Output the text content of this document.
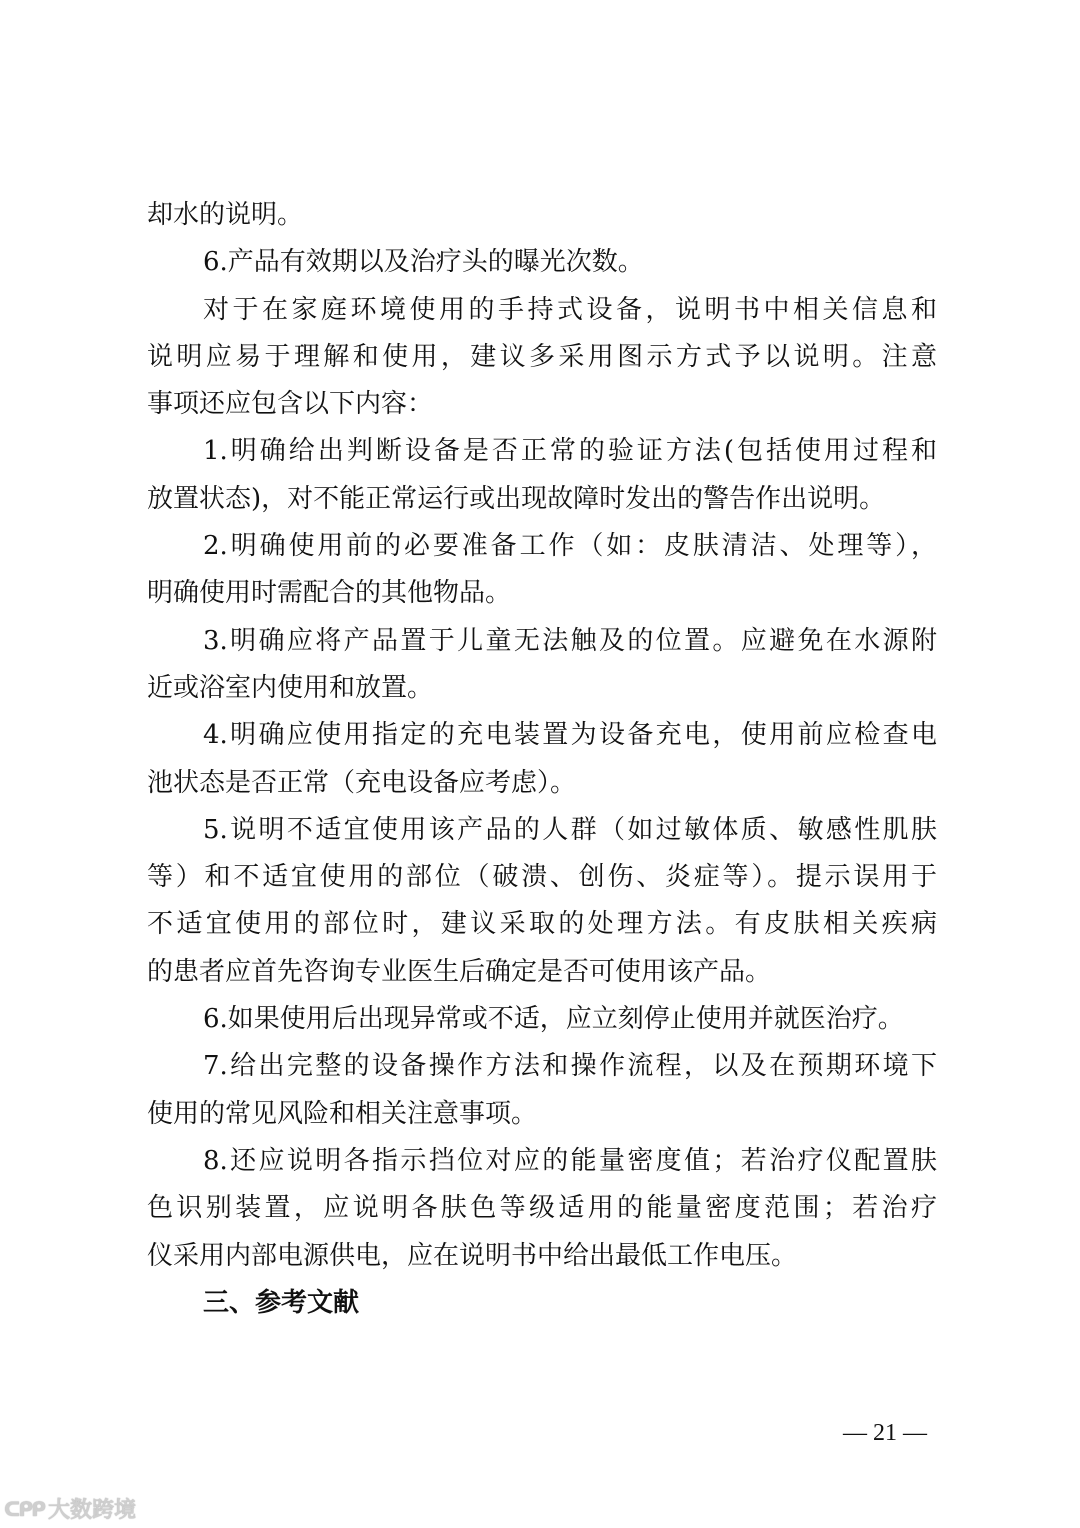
却水的说明。
6.产品有效期以及治疗头的曝光次数。
对于在家庭环境使用的手持式设备，说明书中相关信息和
说明应易于理解和使用，建议多采用图示方式予以说明。注意
事项还应包含以下内容：
1.明确给出判断设备是否正常的验证方法(包括使用过程和
放置状态)，对不能正常运行或出现故障时发出的警告作出说明。
2.明确使用前的必要准备工作（如：皮肤清洁、处理等），
明确使用时需配合的其他物品。
3.明确应将产品置于儿童无法触及的位置。应避免在水源附
近或浴室内使用和放置。
4.明确应使用指定的充电装置为设备充电，使用前应检查电
池状态是否正常（充电设备应考虑）。
5.说明不适宜使用该产品的人群（如过敏体质、敏感性肌肤
等）和不适宜使用的部位（破溃、创伤、炎症等）。提示误用于
不适宜使用的部位时，建议采取的处理方法。有皮肤相关疾病
的患者应首先咨询专业医生后确定是否可使用该产品。
6.如果使用后出现异常或不适，应立刻停止使用并就医治疗。
7.给出完整的设备操作方法和操作流程，以及在预期环境下
使用的常见风险和相关注意事项。
8.还应说明各指示挡位对应的能量密度值；若治疗仪配置肤
色识别装置，应说明各肤色等级适用的能量密度范围；若治疗
仪采用内部电源供电，应在说明书中给出最低工作电压。
三、参考文献
— 21 —
ᑕᑭᑭ 大数跨境
